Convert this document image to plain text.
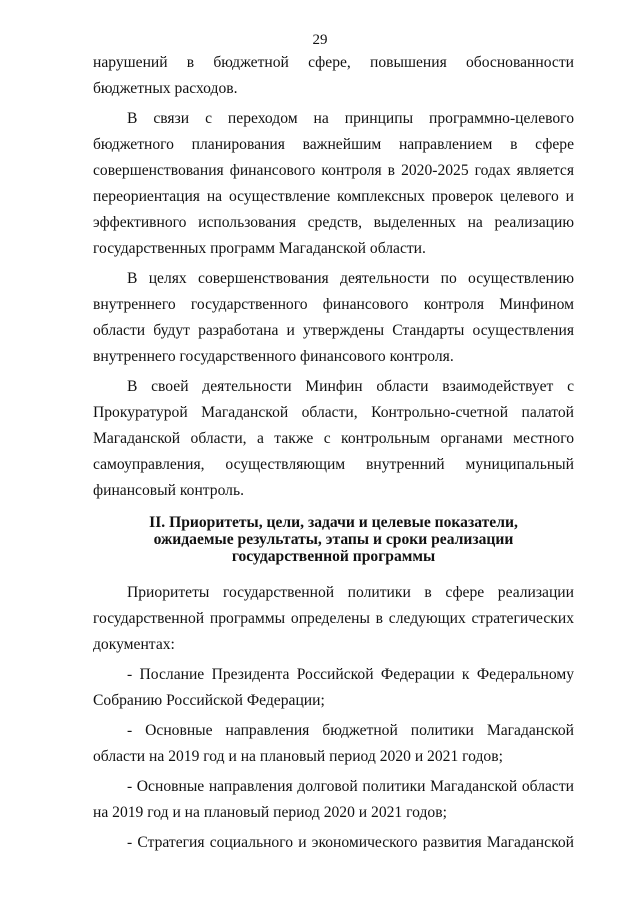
29

нарушений в бюджетной сфере, повышения обоснованности бюджетных расходов.

В связи с переходом на принципы программно-целевого бюджетного планирования важнейшим направлением в сфере совершенствования финансового контроля в 2020-2025 годах является переориентация на осуществление комплексных проверок целевого и эффективного использования средств, выделенных на реализацию государственных программ Магаданской области.

В целях совершенствования деятельности по осуществлению внутреннего государственного финансового контроля Минфином области будут разработана и утверждены Стандарты осуществления внутреннего государственного финансового контроля.

В своей деятельности Минфин области взаимодействует с Прокуратурой Магаданской области, Контрольно-счетной палатой Магаданской области, а также с контрольным органами местного самоуправления, осуществляющим внутренний муниципальный финансовый контроль.

II. Приоритеты, цели, задачи и целевые показатели,
ожидаемые результаты, этапы и сроки реализации
государственной программы

Приоритеты государственной политики в сфере реализации государственной программы определены в следующих стратегических документах:

- Послание Президента Российской Федерации к Федеральному Собранию Российской Федерации;

- Основные направления бюджетной политики Магаданской области на 2019 год и на плановый период 2020 и 2021 годов;

- Основные направления долговой политики Магаданской области на 2019 год и на плановый период 2020 и 2021 годов;

- Стратегия социального и экономического развития Магаданской
